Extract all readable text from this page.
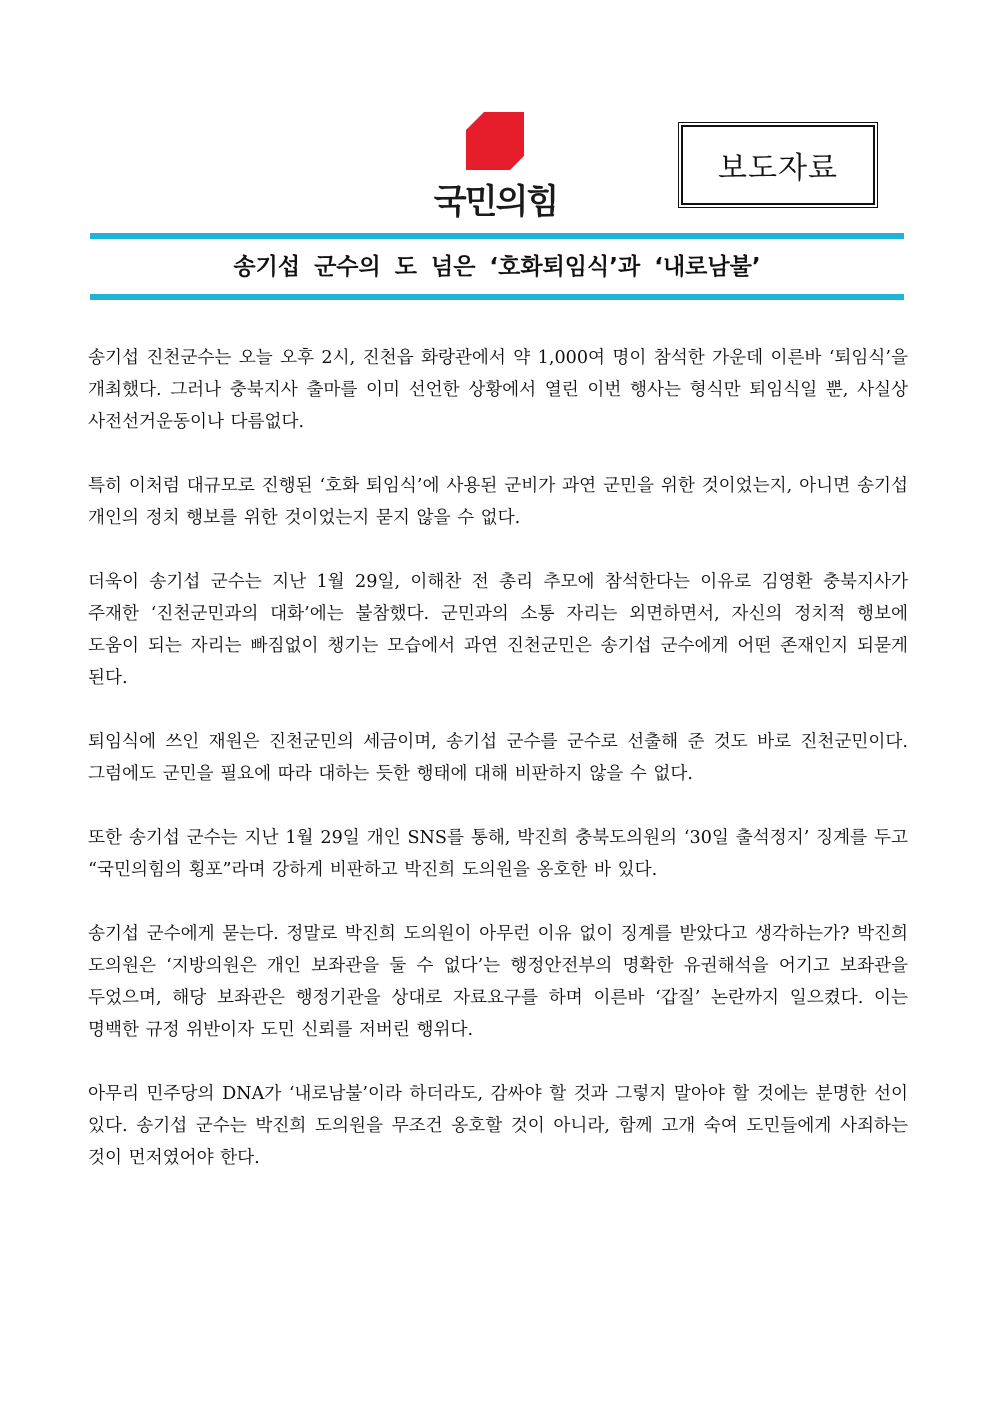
국민의힘
보도자료
송기섭 군수의 도 넘은 ‘호화퇴임식’과 ‘내로남불’

송기섭 진천군수는 오늘 오후 2시, 진천읍 화랑관에서 약 1,000여 명이 참석한 가운데 이른바 ‘퇴임식’을 개최했다. 그러나 충북지사 출마를 이미 선언한 상황에서 열린 이번 행사는 형식만 퇴임식일 뿐, 사실상 사전선거운동이나 다름없다.

특히 이처럼 대규모로 진행된 ‘호화 퇴임식’에 사용된 군비가 과연 군민을 위한 것이었는지, 아니면 송기섭 개인의 정치 행보를 위한 것이었는지 묻지 않을 수 없다.

더욱이 송기섭 군수는 지난 1월 29일, 이해찬 전 총리 추모에 참석한다는 이유로 김영환 충북지사가 주재한 ‘진천군민과의 대화’에는 불참했다. 군민과의 소통 자리는 외면하면서, 자신의 정치적 행보에 도움이 되는 자리는 빠짐없이 챙기는 모습에서 과연 진천군민은 송기섭 군수에게 어떤 존재인지 되묻게 된다.

퇴임식에 쓰인 재원은 진천군민의 세금이며, 송기섭 군수를 군수로 선출해 준 것도 바로 진천군민이다. 그럼에도 군민을 필요에 따라 대하는 듯한 행태에 대해 비판하지 않을 수 없다.

또한 송기섭 군수는 지난 1월 29일 개인 SNS를 통해, 박진희 충북도의원의 ‘30일 출석정지’ 징계를 두고 “국민의힘의 횡포”라며 강하게 비판하고 박진희 도의원을 옹호한 바 있다.

송기섭 군수에게 묻는다. 정말로 박진희 도의원이 아무런 이유 없이 징계를 받았다고 생각하는가? 박진희 도의원은 ‘지방의원은 개인 보좌관을 둘 수 없다’는 행정안전부의 명확한 유권해석을 어기고 보좌관을 두었으며, 해당 보좌관은 행정기관을 상대로 자료요구를 하며 이른바 ‘갑질’ 논란까지 일으켰다. 이는 명백한 규정 위반이자 도민 신뢰를 저버린 행위다.

아무리 민주당의 DNA가 ‘내로남불’이라 하더라도, 감싸야 할 것과 그렇지 말아야 할 것에는 분명한 선이 있다. 송기섭 군수는 박진희 도의원을 무조건 옹호할 것이 아니라, 함께 고개 숙여 도민들에게 사죄하는 것이 먼저였어야 한다.
